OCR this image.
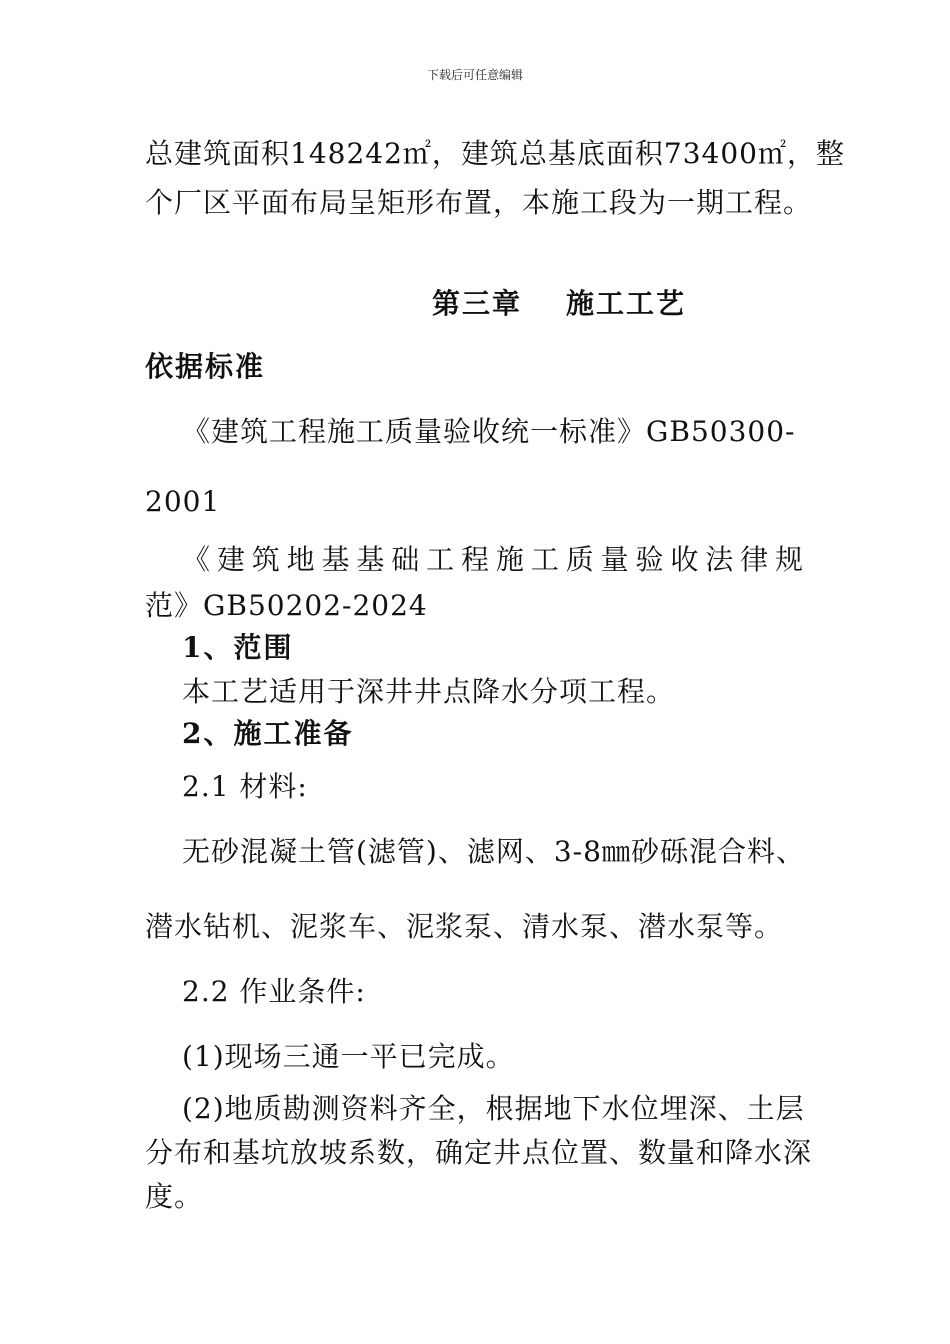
下载后可任意编辑
总建筑面积148242㎡，建筑总基底面积73400㎡，整
个厂区平面布局呈矩形布置，本施工段为一期工程。
第三章 施工工艺
依据标准
《建筑工程施工质量验收统一标准》GB50300-
2001
《建筑地基基础工程施工质量验收法律规
范》GB50202-2024
1、范围
本工艺适用于深井井点降水分项工程。
2、施工准备
2.1 材料:
无砂混凝土管(滤管)、滤网、3-8㎜砂砾混合料、
潜水钻机、泥浆车、泥浆泵、清水泵、潜水泵等。
2.2 作业条件:
(1)现场三通一平已完成。
(2)地质勘测资料齐全，根据地下水位埋深、土层
分布和基坑放坡系数，确定井点位置、数量和降水深
度。
